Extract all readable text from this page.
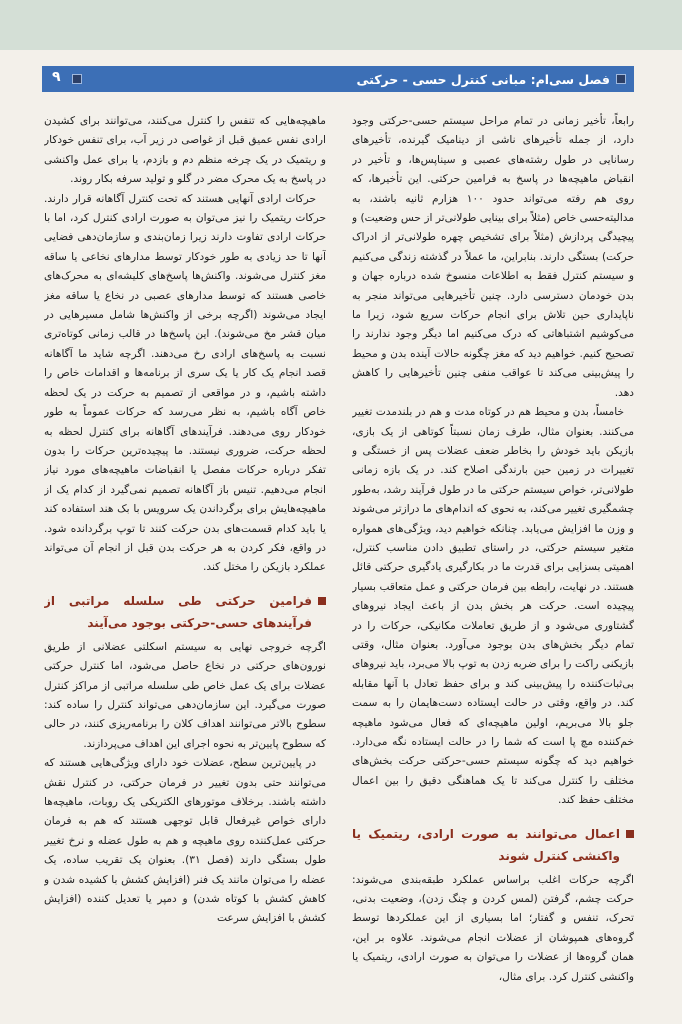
فصل سی‌ام: مبانی کنترل حسی - حرکتی
۹

رابعاً، تأخیر زمانی در تمام مراحل سیستم حسی-حرکتی وجود دارد، از جمله تأخیرهای ناشی از دینامیک گیرنده، تأخیرهای رسانایی در طول رشته‌های عصبی و سیناپس‌ها، و تأخیر در انقباض ماهیچه‌ها در پاسخ به فرامین حرکتی. این تأخیرها، که روی هم رفته می‌تواند حدود ۱۰۰ هزارم ثانیه باشند، به مدالیته‌حسی خاص (مثلاً برای بینایی طولانی‌تر از حس وضعیت) و پیچیدگی پردازش (مثلاً برای تشخیص چهره طولانی‌تر از ادراک حرکت) بستگی دارند. بنابراین، ما عملاً در گذشته زندگی می‌کنیم و سیستم کنترل فقط به اطلاعات منسوخ شده درباره جهان و بدن خودمان دسترسی دارد. چنین تأخیرهایی می‌تواند منجر به ناپایداری حین تلاش برای انجام حرکات سریع شود، زیرا ما می‌کوشیم اشتباهاتی که درک می‌کنیم اما دیگر وجود ندارند را تصحیح کنیم. خواهیم دید که مغز چگونه حالات آینده بدن و محیط را پیش‌بینی می‌کند تا عواقب منفی چنین تأخیرهایی را کاهش دهد.

خامساً، بدن و محیط هم در کوتاه مدت و هم در بلندمدت تغییر می‌کنند. بعنوان مثال، طرف زمان نسبتاً کوتاهی از یک بازی، بازیکن باید خودش را بخاطر ضعف عضلات پس از خستگی و تغییرات در زمین حین بارندگی اصلاح کند. در یک بازه زمانی طولانی‌تر، خواص سیستم حرکتی ما در طول فرآیند رشد، به‌طور چشمگیری تغییر می‌کند، به نحوی که اندام‌های ما درازتر می‌شوند و وزن ما افزایش می‌یابد. چنانکه خواهیم دید، ویژگی‌های همواره متغیر سیستم حرکتی، در راستای تطبیق دادن مناسب کنترل، اهمیتی بسزایی برای قدرت ما در بکارگیری یادگیری حرکتی قائل هستند. در نهایت، رابطه بین فرمان حرکتی و عمل متعاقب بسیار پیچیده است. حرکت هر بخش بدن از باعث ایجاد نیروهای گشتاوری می‌شود و از طریق تعاملات مکانیکی، حرکات را در تمام دیگر بخش‌های بدن بوجود می‌آورد. بعنوان مثال، وقتی بازیکنی راکت را برای ضربه زدن به توپ بالا می‌برد، باید نیروهای بی‌ثبات‌کننده را پیش‌بینی کند و برای حفظ تعادل با آنها مقابله کند. در واقع، وقتی در حالت ایستاده دست‌هایمان را به سمت جلو بالا می‌بریم، اولین ماهیچه‌ای که فعال می‌شود ماهیچه خم‌کننده مچ پا است که شما را در حالت ایستاده نگه می‌دارد. خواهیم دید که چگونه سیستم حسی-حرکتی حرکت بخش‌های مختلف را کنترل می‌کند تا یک هماهنگی دقیق را بین اعمال مختلف حفظ کند.

اعمال می‌توانند به صورت ارادی، ریتمیک یا واکنشی کنترل شوند

اگرچه حرکات اغلب براساس عملکرد طبقه‌بندی می‌شوند: حرکت چشم، گرفتن (لمس کردن و چنگ زدن)، وضعیت بدنی، تحرک، تنفس و گفتار؛ اما بسیاری از این عملکردها توسط گروه‌های همپوشان از عضلات انجام می‌شوند. علاوه بر این، همان گروه‌ها از عضلات را می‌توان به صورت ارادی، ریتمیک یا واکنشی کنترل کرد. برای مثال،

ماهیچه‌هایی که تنفس را کنترل می‌کنند، می‌توانند برای کشیدن ارادی نفس عمیق قبل از غواصی در زیر آب، برای تنفس خودکار و ریتمیک در یک چرخه منظم دم و بازدم، یا برای عمل واکنشی در پاسخ به یک محرک مضر در گلو و تولید سرفه بکار روند.

حرکات ارادی آنهایی هستند که تحت کنترل آگاهانه قرار دارند. حرکات ریتمیک را نیز می‌توان به صورت ارادی کنترل کرد، اما با حرکات ارادی تفاوت دارند زیرا زمان‌بندی و سازمان‌دهی فضایی آنها تا حد زیادی به طور خودکار توسط مدارهای نخاعی یا ساقه مغز کنترل می‌شوند. واکنش‌ها پاسخ‌های کلیشه‌ای به محرک‌های خاصی هستند که توسط مدارهای عصبی در نخاع یا ساقه مغز ایجاد می‌شوند (اگرچه برخی از واکنش‌ها شامل مسیرهایی در میان قشر مخ می‌شوند). این پاسخ‌ها در قالب زمانی کوتاه‌تری نسبت به پاسخ‌های ارادی رخ می‌دهند. اگرچه شاید ما آگاهانه قصد انجام یک کار یا یک سری از برنامه‌ها و اقدامات خاص را داشته باشیم، و در مواقعی از تصمیم به حرکت در یک لحظه خاص آگاه باشیم، به نظر می‌رسد که حرکات عموماً به طور خودکار روی می‌دهند. فرآیندهای آگاهانه برای کنترل لحظه به لحظه حرکت، ضروری نیستند. ما پیچیده‌ترین حرکات را بدون تفکر درباره حرکات مفصل یا انقباضات ماهیچه‌های مورد نیاز انجام می‌دهیم. تنیس باز آگاهانه تصمیم نمی‌گیرد از کدام یک از ماهیچه‌هایش برای برگرداندن یک سرویس با بک هند استفاده کند یا باید کدام قسمت‌های بدن حرکت کنند تا توپ برگردانده شود. در واقع، فکر کردن به هر حرکت بدن قبل از انجام آن می‌تواند عملکرد بازیکن را مختل کند.

فرامین حرکتی طی سلسله مراتبی از فرآیندهای حسی-حرکتی بوجود می‌آیند

اگرچه خروجی نهایی به سیستم اسکلتی عضلانی از طریق نورون‌های حرکتی در نخاع حاصل می‌شود، اما کنترل حرکتی عضلات برای یک عمل خاص طی سلسله مراتبی از مراکز کنترل صورت می‌گیرد. این سازمان‌دهی می‌تواند کنترل را ساده کند: سطوح بالاتر می‌توانند اهداف کلان را برنامه‌ریزی کنند، در حالی که سطوح پایین‌تر به نحوه اجرای این اهداف می‌پردازند.

در پایین‌ترین سطح، عضلات خود دارای ویژگی‌هایی هستند که می‌توانند حتی بدون تغییر در فرمان حرکتی، در کنترل نقش داشته باشند. برخلاف موتورهای الکتریکی یک روبات، ماهیچه‌ها دارای خواص غیرفعال قابل توجهی هستند که هم به فرمان حرکتی عمل‌کننده روی ماهیچه و هم به طول عضله و نرخ تغییر طول بستگی دارند (فصل ۳۱). بعنوان یک تقریب ساده، یک عضله را می‌توان مانند یک فنر (افزایش کشش با کشیده شدن و کاهش کشش با کوتاه شدن) و دمپر یا تعدیل کننده (افزایش کشش با افزایش سرعت
